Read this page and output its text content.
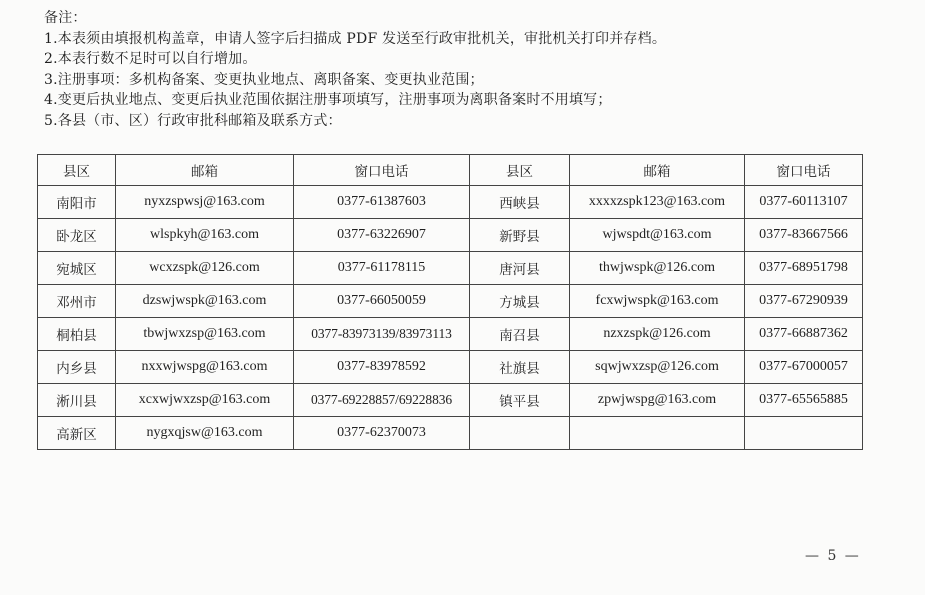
备注：
1.本表须由填报机构盖章，申请人签字后扫描成 PDF 发送至行政审批机关，审批机关打印并存档。
2.本表行数不足时可以自行增加。
3.注册事项：多机构备案、变更执业地点、离职备案、变更执业范围；
4.变更后执业地点、变更后执业范围依据注册事项填写，注册事项为离职备案时不用填写；
5.各县（市、区）行政审批科邮箱及联系方式：
县区	邮箱	窗口电话	县区	邮箱	窗口电话
南阳市	nyxzspwsj@163.com	0377-61387603	西峡县	xxxxzspk123@163.com	0377-60113107
卧龙区	wlspkyh@163.com	0377-63226907	新野县	wjwspdt@163.com	0377-83667566
宛城区	wcxzspk@126.com	0377-61178115	唐河县	thwjwspk@126.com	0377-68951798
邓州市	dzswjwspk@163.com	0377-66050059	方城县	fcxwjwspk@163.com	0377-67290939
桐柏县	tbwjwxzsp@163.com	0377-83973139/83973113	南召县	nzxzspk@126.com	0377-66887362
内乡县	nxxwjwspg@163.com	0377-83978592	社旗县	sqwjwxzsp@126.com	0377-67000057
淅川县	xcxwjwxzsp@163.com	0377-69228857/69228836	镇平县	zpwjwspg@163.com	0377-65565885
高新区	nygxqjsw@163.com	0377-62370073			
— 5 —
